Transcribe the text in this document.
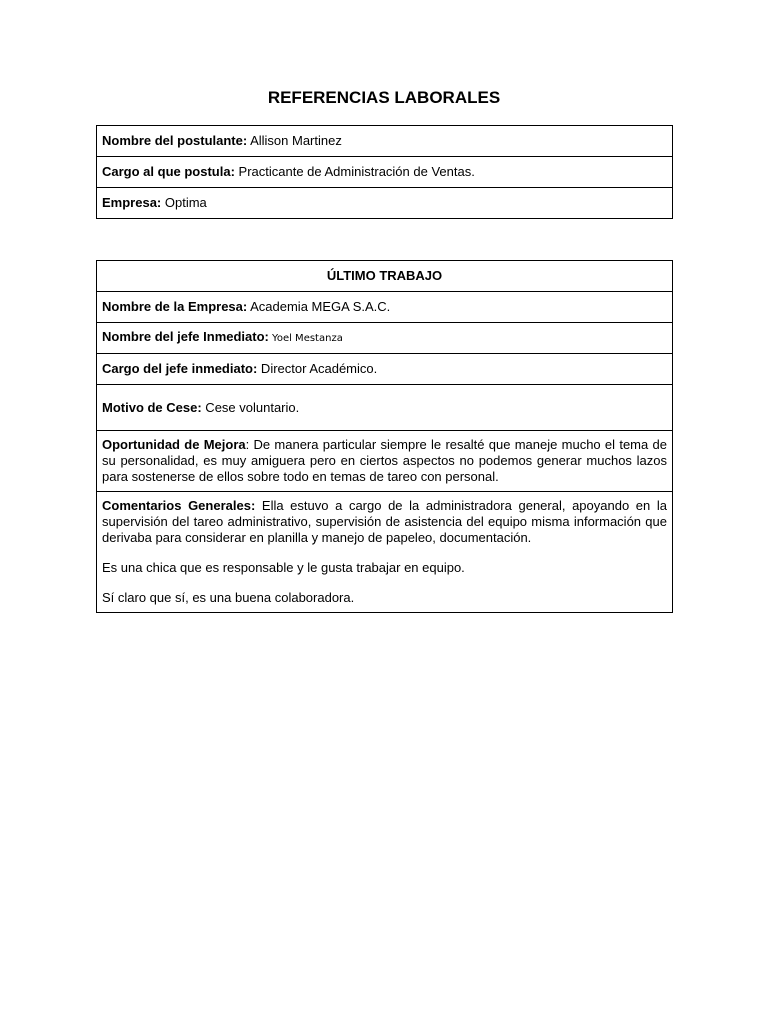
REFERENCIAS LABORALES
Nombre del postulante: Allison Martinez
Cargo al que postula: Practicante de Administración de Ventas.
Empresa: Optima
ÚLTIMO TRABAJO
Nombre de la Empresa: Academia MEGA S.A.C.
Nombre del jefe Inmediato: Yoel Mestanza
Cargo del jefe inmediato: Director Académico.
Motivo de Cese: Cese voluntario.
Oportunidad de Mejora: De manera particular siempre le resalté que maneje mucho el tema de su personalidad, es muy amiguera pero en ciertos aspectos no podemos generar muchos lazos para sostenerse de ellos sobre todo en temas de tareo con personal.

Comentarios Generales: Ella estuvo a cargo de la administradora general, apoyando en la supervisión del tareo administrativo, supervisión de asistencia del equipo misma información que derivaba para considerar en planilla y manejo de papeleo, documentación.

Es una chica que es responsable y le gusta trabajar en equipo.

Sí claro que sí, es una buena colaboradora.
